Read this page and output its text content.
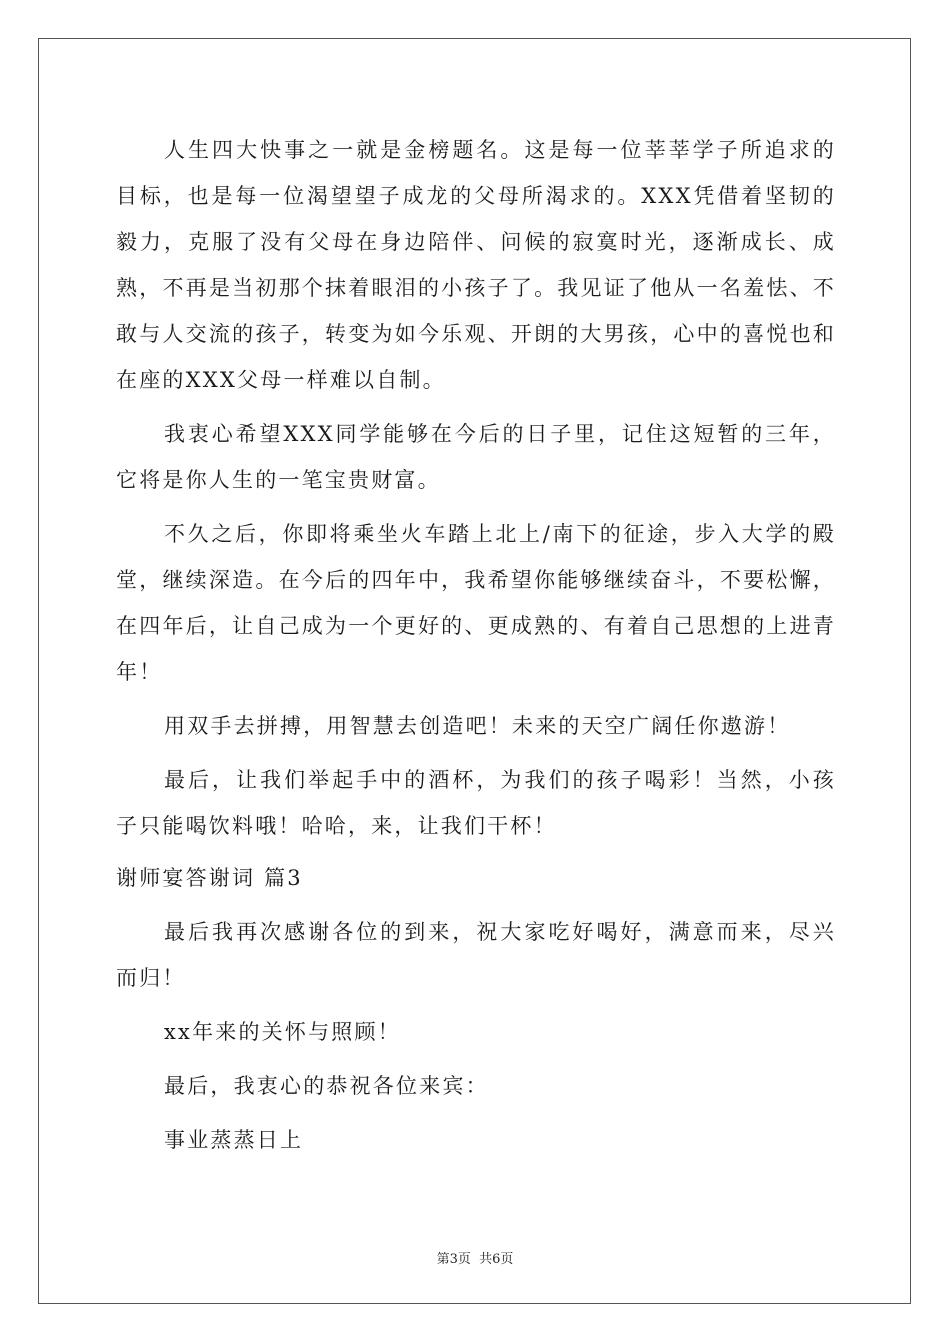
人生四大快事之一就是金榜题名。这是每一位莘莘学子所追求的目标，也是每一位渴望望子成龙的父母所渴求的。XXX凭借着坚韧的毅力，克服了没有父母在身边陪伴、问候的寂寞时光，逐渐成长、成熟，不再是当初那个抹着眼泪的小孩子了。我见证了他从一名羞怯、不敢与人交流的孩子，转变为如今乐观、开朗的大男孩，心中的喜悦也和在座的XXX父母一样难以自制。

我衷心希望XXX同学能够在今后的日子里，记住这短暂的三年，它将是你人生的一笔宝贵财富。

不久之后，你即将乘坐火车踏上北上/南下的征途，步入大学的殿堂，继续深造。在今后的四年中，我希望你能够继续奋斗，不要松懈，在四年后，让自己成为一个更好的、更成熟的、有着自己思想的上进青年！

用双手去拼搏，用智慧去创造吧！未来的天空广阔任你遨游！

最后，让我们举起手中的酒杯，为我们的孩子喝彩！当然，小孩子只能喝饮料哦！哈哈，来，让我们干杯！

谢师宴答谢词 篇3

最后我再次感谢各位的到来，祝大家吃好喝好，满意而来，尽兴而归！

xx年来的关怀与照顾！

最后，我衷心的恭祝各位来宾：

事业蒸蒸日上

第3页 共6页
